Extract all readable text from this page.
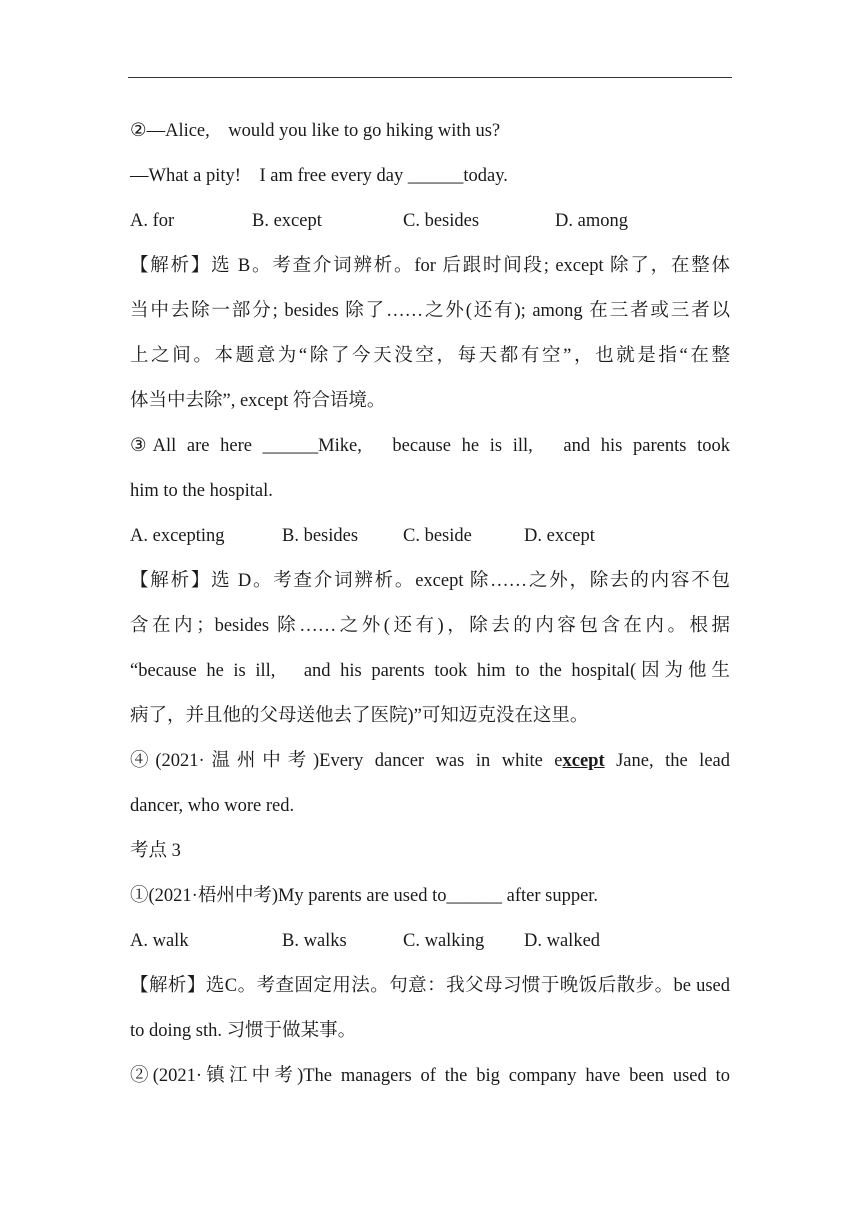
②—Alice,　would you like to go hiking with us?
—What a pity!　I am free every day ______today.
A. for	B. except	C. besides	D. among
【解析】选 B。考查介词辨析。for 后跟时间段; except 除了，在整体
当中去除一部分; besides 除了……之外(还有); among 在三者或三者以
上之间。本题意为“除了今天没空，每天都有空”，也就是指“在整
体当中去除”, except 符合语境。
③All are here ______Mike,　because he is ill,　and his parents took
him to the hospital.
A. excepting	B. besides C. beside	D. except
【解析】选 D。考查介词辨析。except 除……之外，除去的内容不包
含在内；besides 除……之外(还有)，除去的内容包含在内。根据
“because he is ill,　and his parents took him to the hospital(因为他生
病了，并且他的父母送他去了医院)”可知迈克没在这里。
④(2021·温州中考)Every dancer was in white except Jane, the lead
dancer, who wore red.
考点 3
①(2021·梧州中考)My parents are used to______ after supper.
A. walk	B. walks	C. walking D. walked
【解析】选C。考查固定用法。句意：我父母习惯于晚饭后散步。be used
to doing sth. 习惯于做某事。
②(2021·镇江中考)The managers of the big company have been used to
